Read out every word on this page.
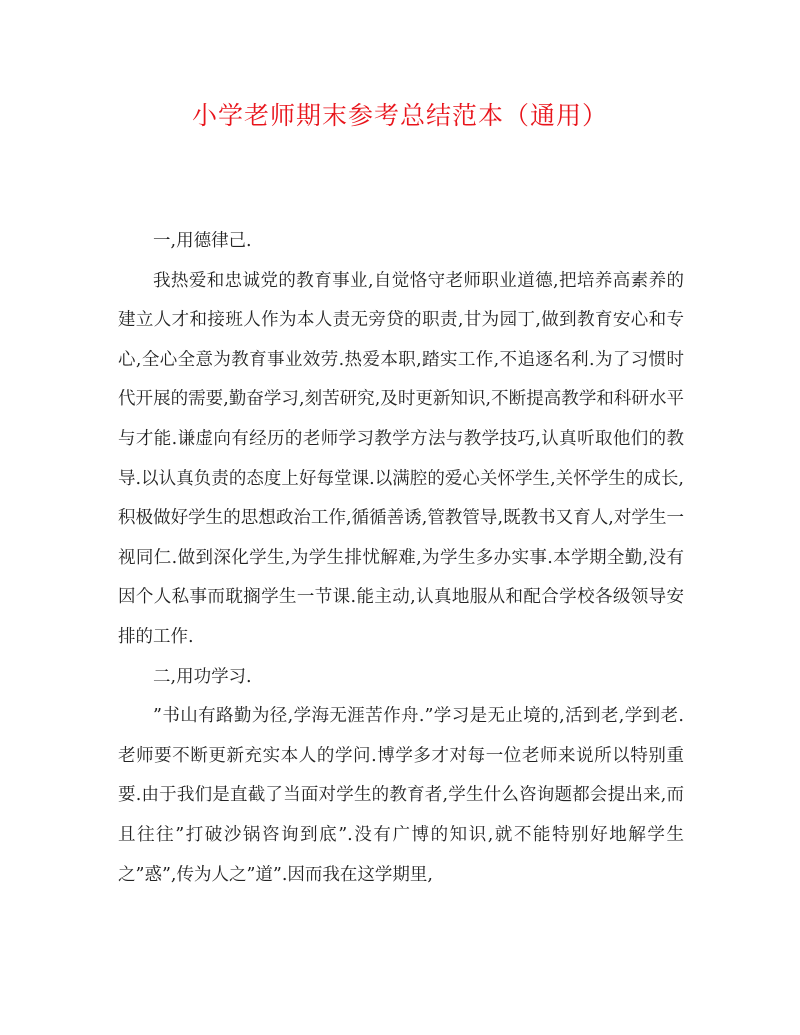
小学老师期末参考总结范本（通用）

一,用德律己.

我热爱和忠诚党的教育事业,自觉恪守老师职业道德,把培养高素养的建立人才和接班人作为本人责无旁贷的职责,甘为园丁,做到教育安心和专心,全心全意为教育事业效劳.热爱本职,踏实工作,不追逐名利.为了习惯时代开展的需要,勤奋学习,刻苦研究,及时更新知识,不断提高教学和科研水平与才能.谦虚向有经历的老师学习教学方法与教学技巧,认真听取他们的教导.以认真负责的态度上好每堂课.以满腔的爱心关怀学生,关怀学生的成长,积极做好学生的思想政治工作,循循善诱,管教管导,既教书又育人,对学生一视同仁.做到深化学生,为学生排忧解难,为学生多办实事.本学期全勤,没有因个人私事而耽搁学生一节课.能主动,认真地服从和配合学校各级领导安排的工作.

二,用功学习.

”书山有路勤为径,学海无涯苦作舟.”学习是无止境的,活到老,学到老.老师要不断更新充实本人的学问.博学多才对每一位老师来说所以特别重要.由于我们是直截了当面对学生的教育者,学生什么咨询题都会提出来,而且往往”打破沙锅咨询到底”.没有广博的知识,就不能特别好地解学生之”惑”,传为人之”道”.因而我在这学期里,
